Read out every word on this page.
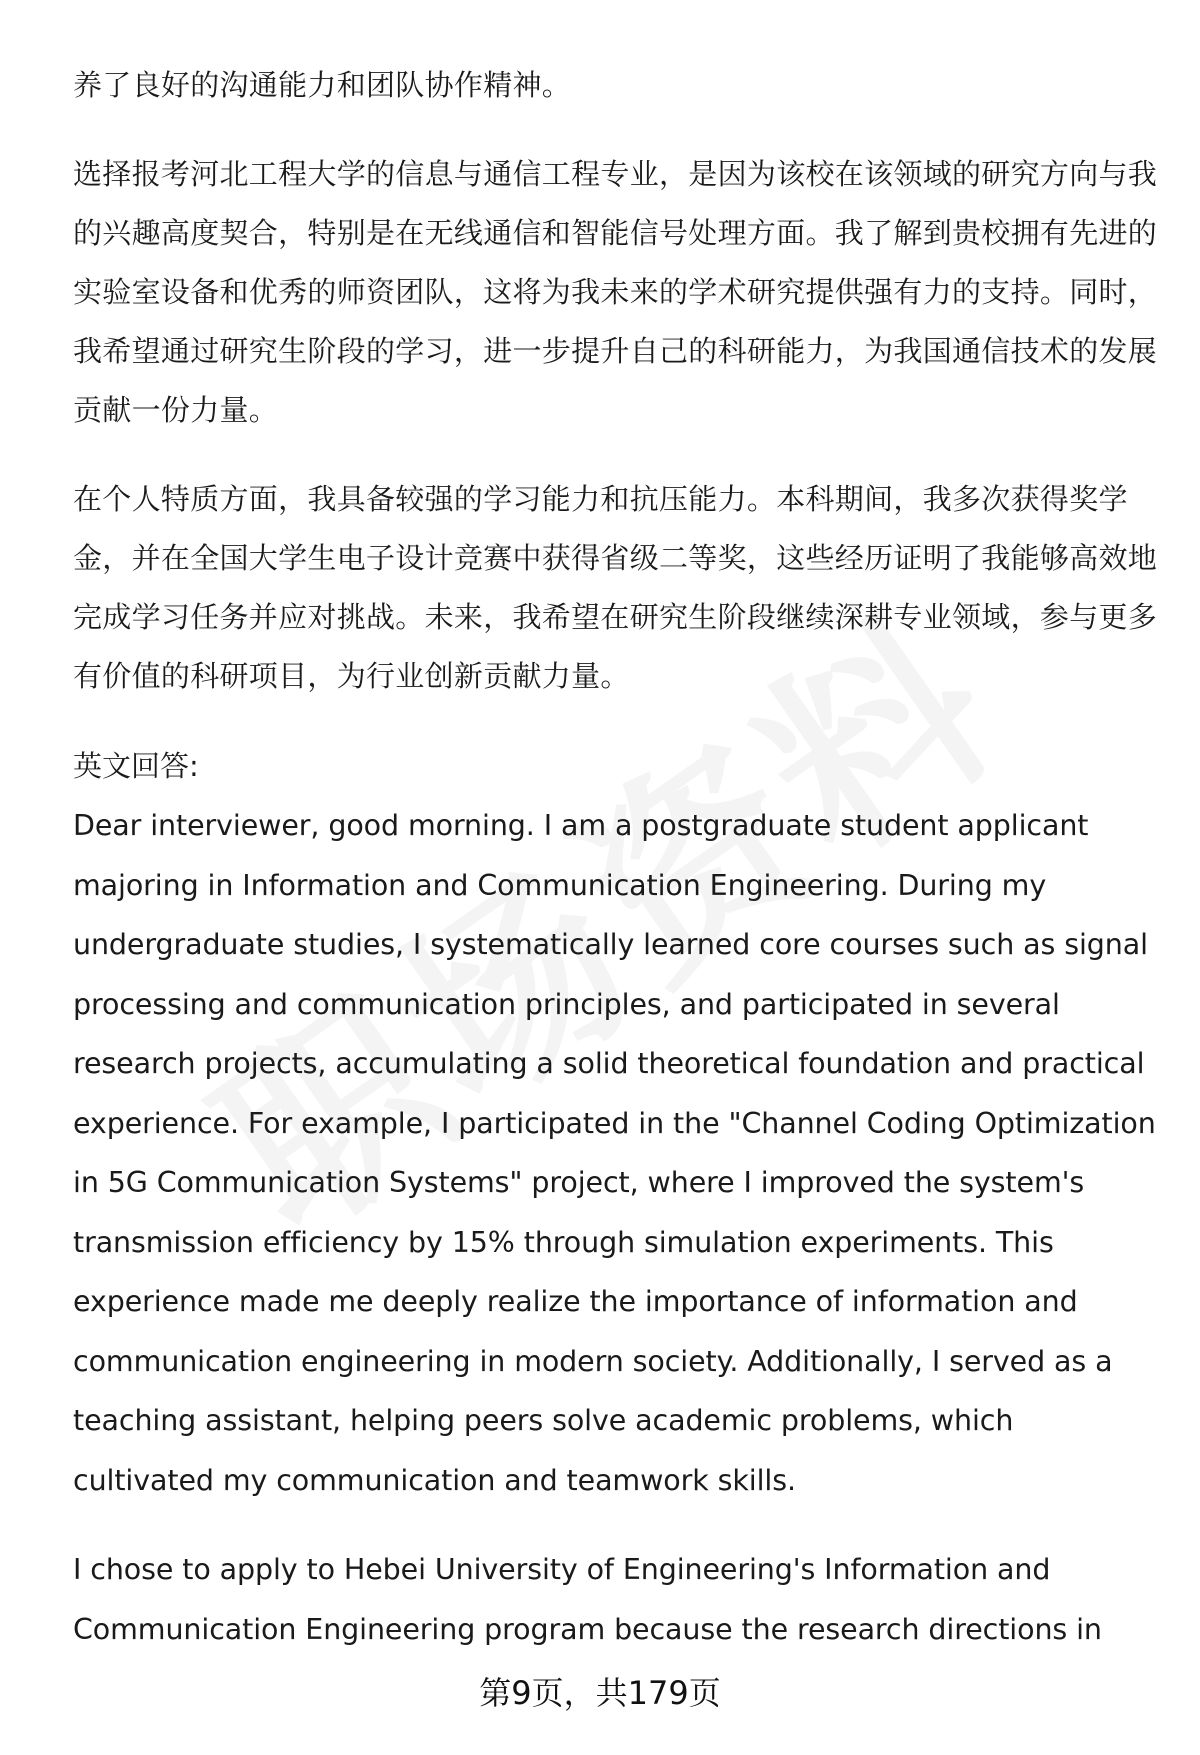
养了良好的沟通能力和团队协作精神。

选择报考河北工程大学的信息与通信工程专业，是因为该校在该领域的研究方向与我的兴趣高度契合，特别是在无线通信和智能信号处理方面。我了解到贵校拥有先进的实验室设备和优秀的师资团队，这将为我未来的学术研究提供强有力的支持。同时，我希望通过研究生阶段的学习，进一步提升自己的科研能力，为我国通信技术的发展贡献一份力量。

在个人特质方面，我具备较强的学习能力和抗压能力。本科期间，我多次获得奖学金，并在全国大学生电子设计竞赛中获得省级二等奖，这些经历证明了我能够高效地完成学习任务并应对挑战。未来，我希望在研究生阶段继续深耕专业领域，参与更多有价值的科研项目，为行业创新贡献力量。

英文回答:

Dear interviewer, good morning. I am a postgraduate student applicant majoring in Information and Communication Engineering. During my undergraduate studies, I systematically learned core courses such as signal processing and communication principles, and participated in several research projects, accumulating a solid theoretical foundation and practical experience. For example, I participated in the "Channel Coding Optimization in 5G Communication Systems" project, where I improved the system's transmission efficiency by 15% through simulation experiments. This experience made me deeply realize the importance of information and communication engineering in modern society. Additionally, I served as a teaching assistant, helping peers solve academic problems, which cultivated my communication and teamwork skills.

I chose to apply to Hebei University of Engineering's Information and Communication Engineering program because the research directions in

第9页，共179页
